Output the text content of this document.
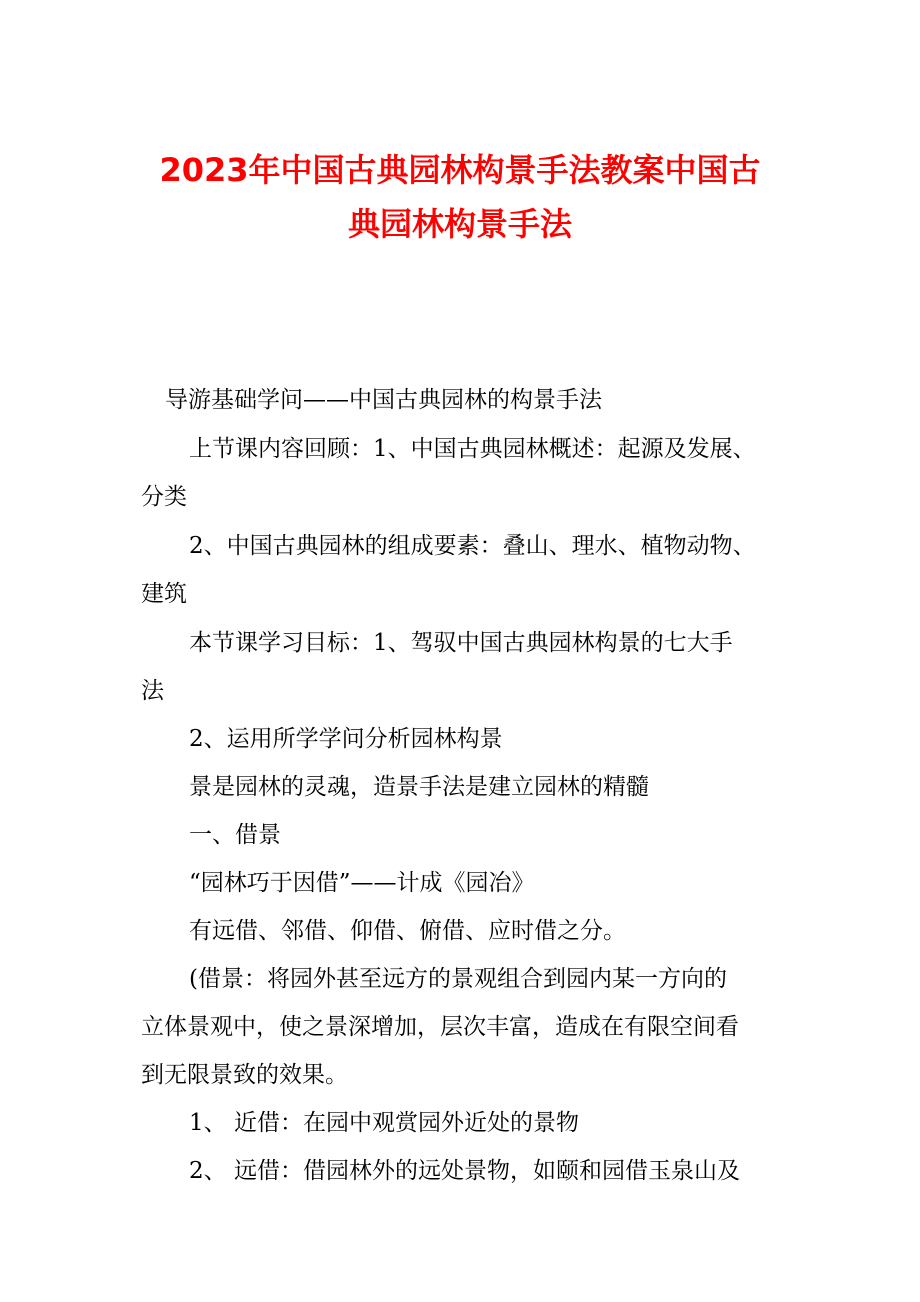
2023年中国古典园林构景手法教案中国古
典园林构景手法

导游基础学问——中国古典园林的构景手法

上节课内容回顾：1、中国古典园林概述：起源及发展、

分类

2、中国古典园林的组成要素：叠山、理水、植物动物、

建筑

本节课学习目标：1、驾驭中国古典园林构景的七大手

法

2、运用所学学问分析园林构景

景是园林的灵魂，造景手法是建立园林的精髓

一、借景

“园林巧于因借”——计成《园冶》

有远借、邻借、仰借、俯借、应时借之分。

(借景：将园外甚至远方的景观组合到园内某一方向的

立体景观中，使之景深增加，层次丰富，造成在有限空间看

到无限景致的效果。

1、 近借：在园中观赏园外近处的景物

2、 远借：借园林外的远处景物，如颐和园借玉泉山及
